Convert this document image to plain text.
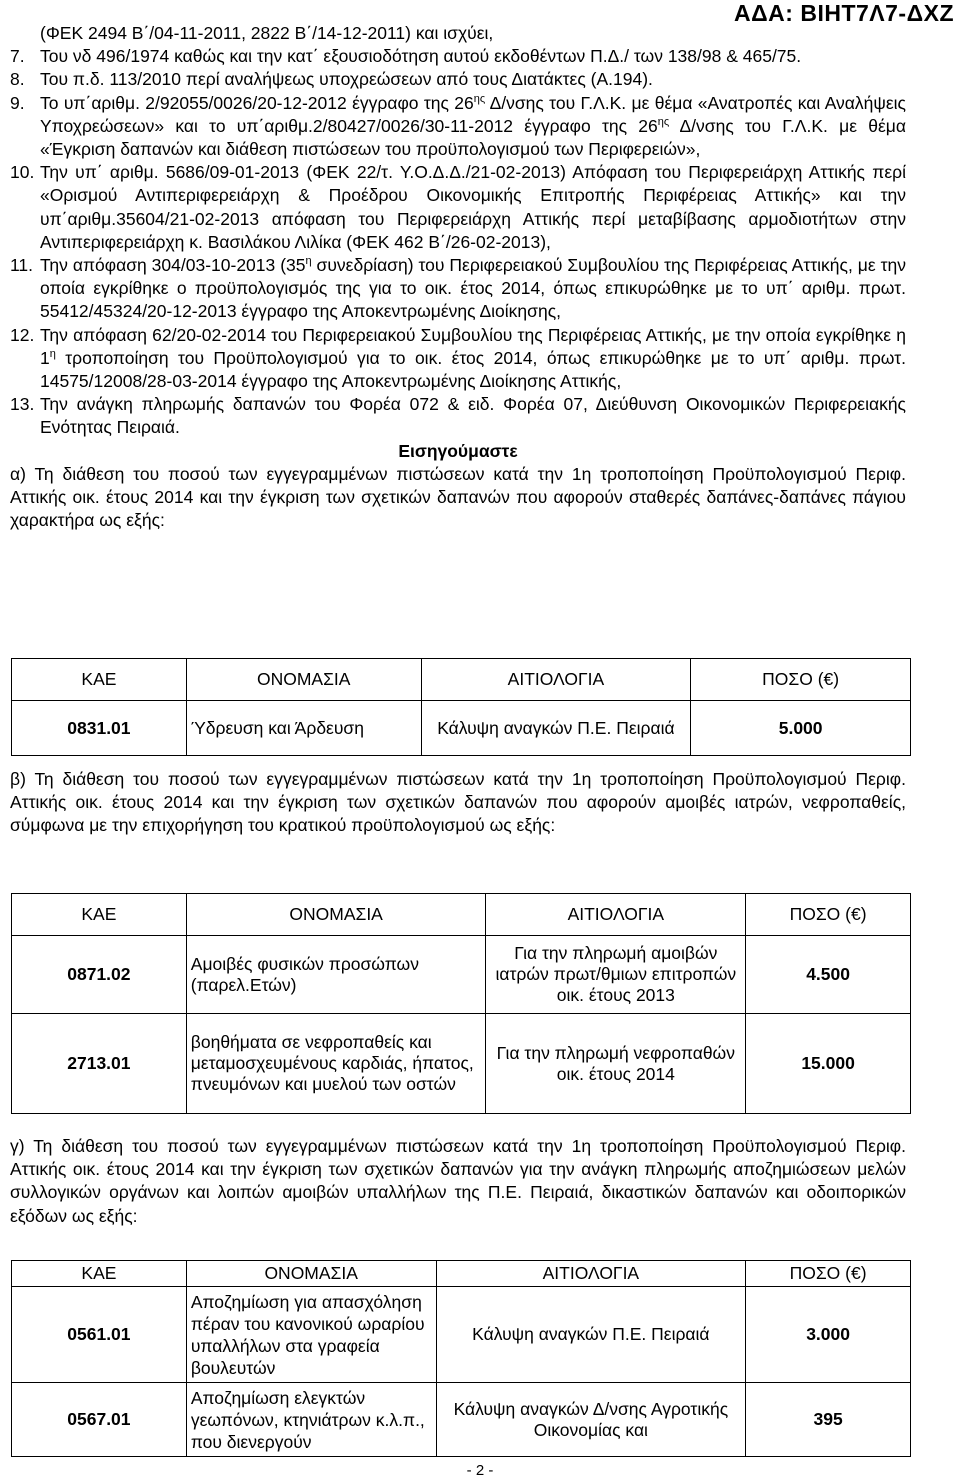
ΑΔΑ: ΒΙΗΤ7Λ7-ΔΧΖ
(ΦΕΚ 2494 Β΄/04-11-2011, 2822 Β΄/14-12-2011) και ισχύει,
7. Του νδ 496/1974 καθώς και την κατ΄ εξουσιοδότηση αυτού εκδοθέντων Π.Δ./ των 138/98 & 465/75.
8. Του π.δ. 113/2010 περί αναλήψεως υποχρεώσεων από τους Διατάκτες (Α.194).
9. Το υπ΄αριθμ. 2/92055/0026/20-12-2012 έγγραφο της $26^{\eta\varsigma}$ Δ/νσης του Γ.Λ.Κ. με θέμα «Ανατροπές και Αναλήψεις Υποχρεώσεων» και το υπ΄αριθμ.2/80427/0026/30-11-2012 έγγραφο της $26^{\eta\varsigma}$ Δ/νσης του Γ.Λ.Κ. με θέμα «Έγκριση δαπανών και διάθεση πιστώσεων του προϋπολογισμού των Περιφερειών»,
10. Την υπ΄ αριθμ. 5686/09-01-2013 (ΦΕΚ 22/τ. Υ.Ο.Δ.Δ./21-02-2013) Απόφαση του Περιφερειάρχη Αττικής περί «Ορισμού Αντιπεριφερειάρχη & Προέδρου Οικονομικής Επιτροπής Περιφέρειας Αττικής» και την υπ΄αριθμ.35604/21-02-2013 απόφαση του Περιφερειάρχη Αττικής περί μεταβίβασης αρμοδιοτήτων στην Αντιπεριφερειάρχη κ. Βασιλάκου Λιλίκα (ΦΕΚ 462 Β΄/26-02-2013),
11. Την απόφαση 304/03-10-2013 ($35^\eta$ συνεδρίαση) του Περιφερειακού Συμβουλίου της Περιφέρειας Αττικής, με την οποία εγκρίθηκε ο προϋπολογισμός της για το οικ. έτος 2014, όπως επικυρώθηκε με το υπ΄ αριθμ. πρωτ. 55412/45324/20-12-2013 έγγραφο της Αποκεντρωμένης Διοίκησης,
12. Την απόφαση 62/20-02-2014 του Περιφερειακού Συμβουλίου της Περιφέρειας Αττικής, με την οποία εγκρίθηκε η $1^\eta$ τροποποίηση του Προϋπολογισμού για το οικ. έτος 2014, όπως επικυρώθηκε με το υπ΄ αριθμ. πρωτ. 14575/12008/28-03-2014 έγγραφο της Αποκεντρωμένης Διοίκησης Αττικής,
13. Την ανάγκη πληρωμής δαπανών του Φορέα 072 & ειδ. Φορέα 07, Διεύθυνση Οικονομικών Περιφερειακής Ενότητας Πειραιά.
Εισηγούμαστε
α) Τη διάθεση του ποσού των εγγεγραμμένων πιστώσεων κατά την 1η τροποποίηση Προϋπολογισμού Περιφ. Αττικής οικ. έτους 2014 και την έγκριση των σχετικών δαπανών που αφορούν σταθερές δαπάνες-δαπάνες πάγιου χαρακτήρα ως εξής:
ΚΑΕ	ΟΝΟΜΑΣΙΑ	ΑΙΤΙΟΛΟΓΙΑ	ΠΟΣΟ (€)
0831.01	Ύδρευση και Άρδευση	Κάλυψη αναγκών Π.Ε. Πειραιά	5.000
β) Τη διάθεση του ποσού των εγγεγραμμένων πιστώσεων κατά την 1η τροποποίηση Προϋπολογισμού Περιφ. Αττικής οικ. έτους 2014 και την έγκριση των σχετικών δαπανών που αφορούν αμοιβές ιατρών, νεφροπαθείς, σύμφωνα με την επιχορήγηση του κρατικού προϋπολογισμού ως εξής:
ΚΑΕ	ΟΝΟΜΑΣΙΑ	ΑΙΤΙΟΛΟΓΙΑ	ΠΟΣΟ (€)
0871.02	Αμοιβές φυσικών προσώπων (παρελ.Ετών)	Για την πληρωμή αμοιβών ιατρών πρωτ/θμιων επιτροπών οικ. έτους 2013	4.500
2713.01	βοηθήματα σε νεφροπαθείς και μεταμοσχευμένους καρδιάς, ήπατος, πνευμόνων και μυελού των οστών	Για την πληρωμή νεφροπαθών οικ. έτους 2014	15.000
γ) Τη διάθεση του ποσού των εγγεγραμμένων πιστώσεων κατά την 1η τροποποίηση Προϋπολογισμού Περιφ. Αττικής οικ. έτους 2014 και την έγκριση των σχετικών δαπανών για την ανάγκη πληρωμής αποζημιώσεων μελών συλλογικών οργάνων και λοιπών αμοιβών υπαλλήλων της Π.Ε. Πειραιά, δικαστικών δαπανών και οδοιπορικών εξόδων ως εξής:
ΚΑΕ	ΟΝΟΜΑΣΙΑ	ΑΙΤΙΟΛΟΓΙΑ	ΠΟΣΟ (€)
0561.01	Αποζημίωση για απασχόληση πέραν του κανονικού ωραρίου υπαλλήλων στα γραφεία βουλευτών	Κάλυψη αναγκών Π.Ε. Πειραιά	3.000
0567.01	Αποζημίωση ελεγκτών γεωπόνων, κτηνιάτρων κ.λ.π., που διενεργούν	Κάλυψη αναγκών Δ/νσης Αγροτικής Οικονομίας και	395
- 2 -
